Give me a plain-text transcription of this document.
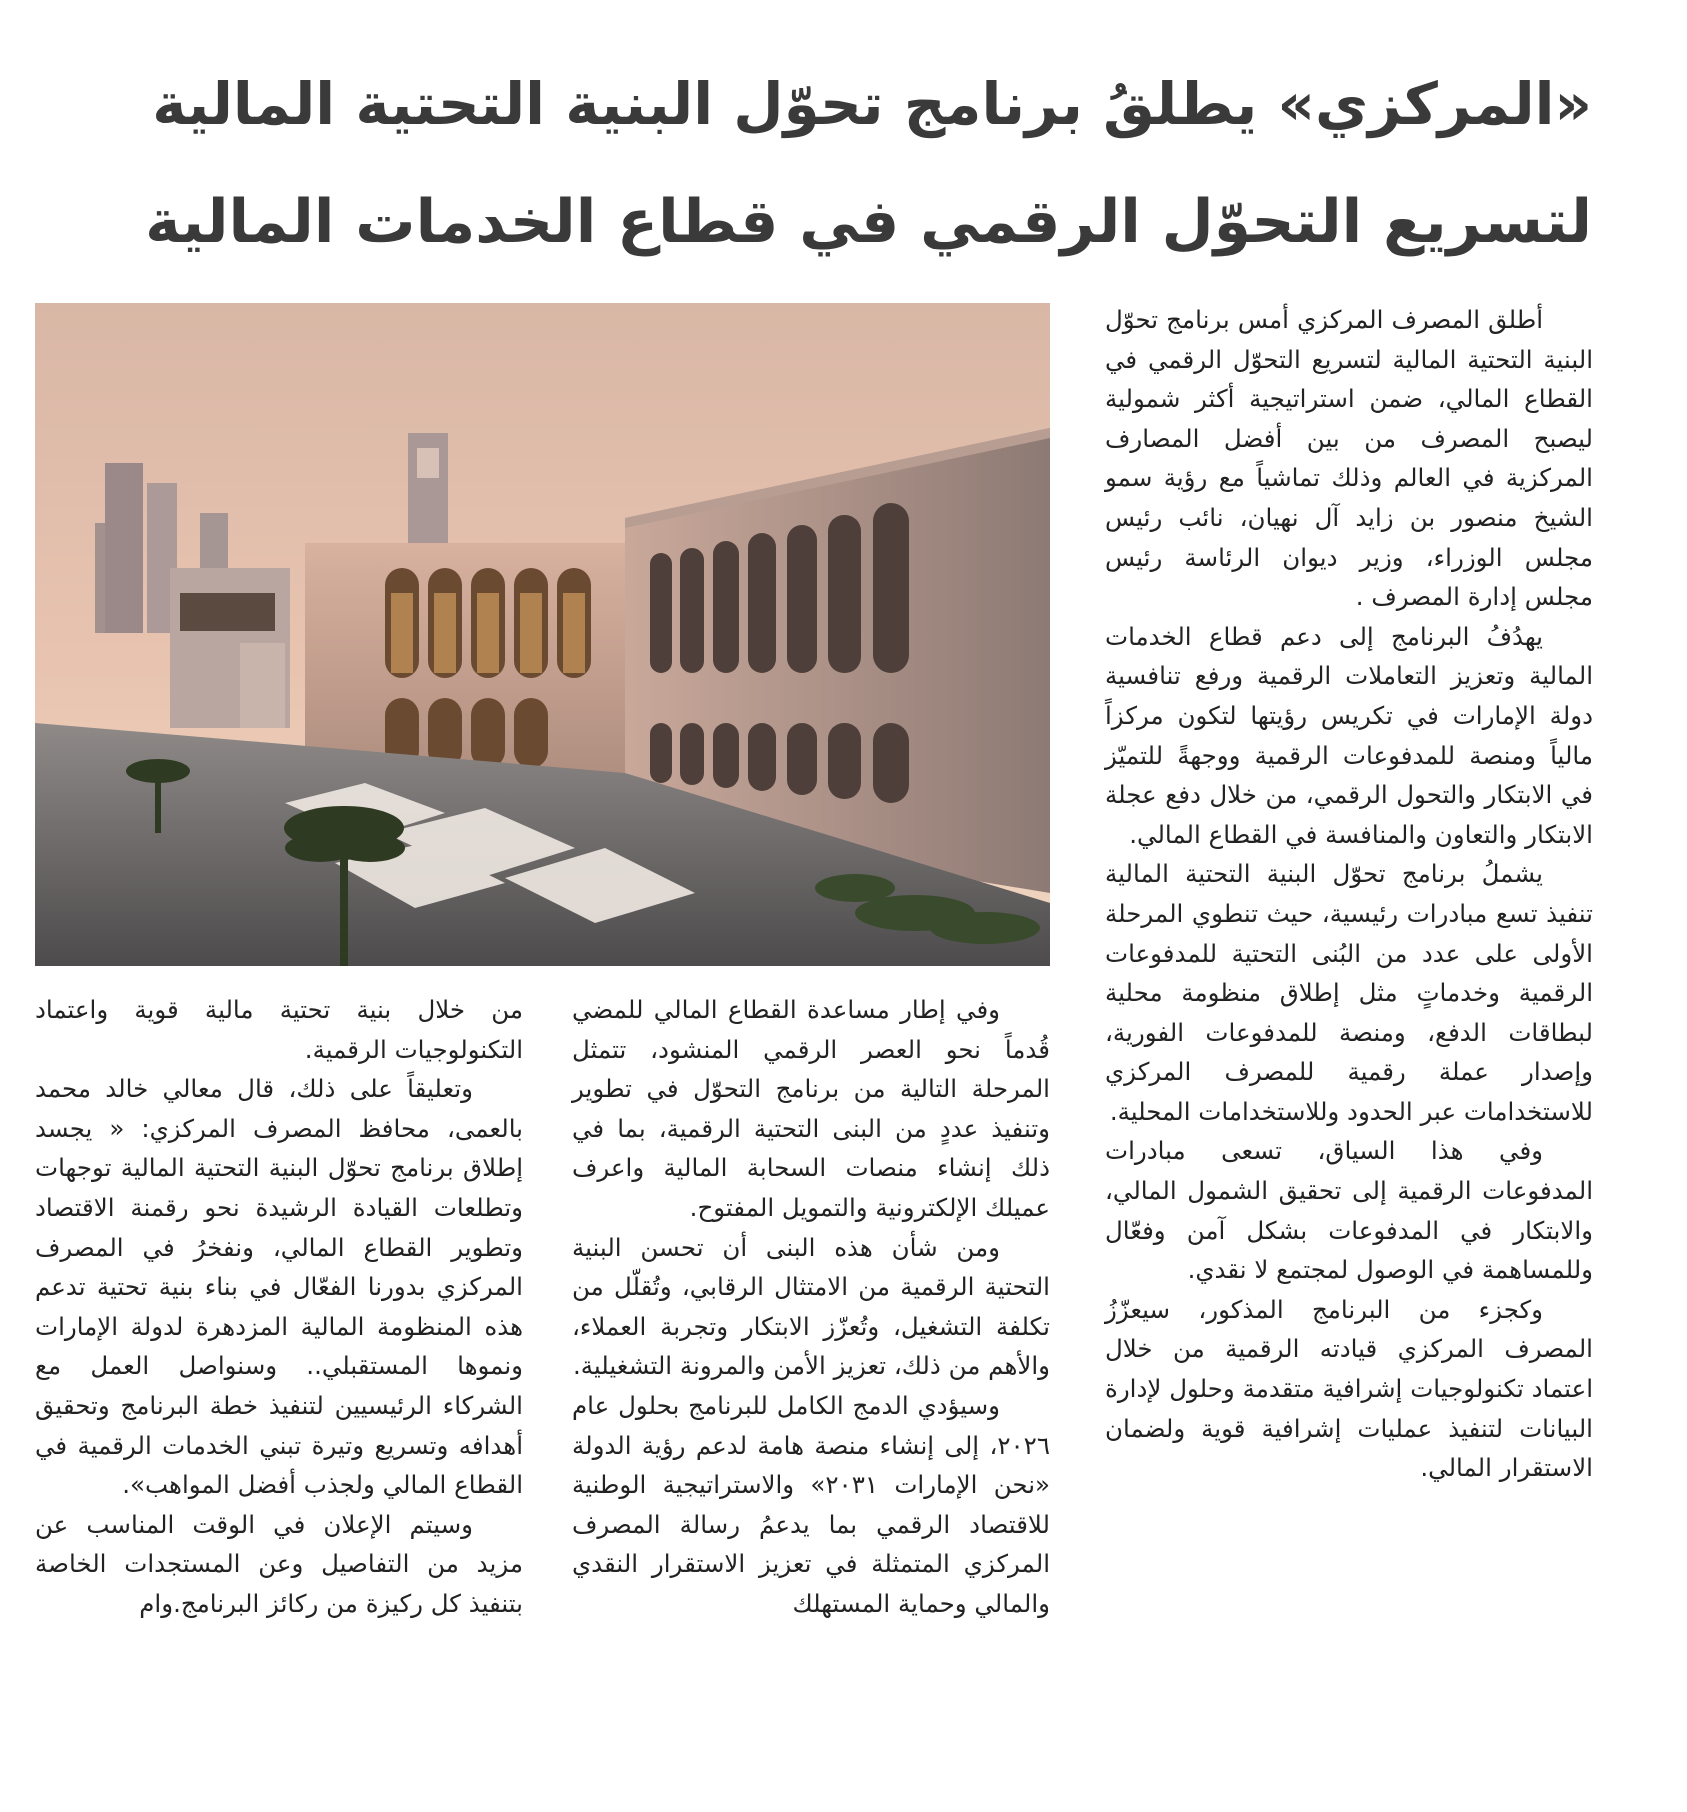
«المركزي» يطلقُ برنامج تحوّل البنية التحتية المالية
لتسريع التحوّل الرقمي في قطاع الخدمات المالية

أطلق المصرف المركزي أمس برنامج تحوّل البنية التحتية المالية لتسريع التحوّل الرقمي في القطاع المالي، ضمن استراتيجية أكثر شمولية ليصبح المصرف من بين أفضل المصارف المركزية في العالم وذلك تماشياً مع رؤية سمو الشيخ منصور بن زايد آل نهيان، نائب رئيس مجلس الوزراء، وزير ديوان الرئاسة رئيس مجلس إدارة المصرف .

يهدُفُ البرنامج إلى دعم قطاع الخدمات المالية وتعزيز التعاملات الرقمية ورفع تنافسية دولة الإمارات في تكريس رؤيتها لتكون مركزاً مالياً ومنصة للمدفوعات الرقمية ووجهةً للتميّز في الابتكار والتحول الرقمي، من خلال دفع عجلة الابتكار والتعاون والمنافسة في القطاع المالي.

يشملُ برنامج تحوّل البنية التحتية المالية تنفيذ تسع مبادرات رئيسية، حيث تنطوي المرحلة الأولى على عدد من البُنى التحتية للمدفوعات الرقمية وخدماتٍ مثل إطلاق منظومة محلية لبطاقات الدفع، ومنصة للمدفوعات الفورية، وإصدار عملة رقمية للمصرف المركزي للاستخدامات عبر الحدود وللاستخدامات المحلية.

وفي هذا السياق، تسعى مبادرات المدفوعات الرقمية إلى تحقيق الشمول المالي، والابتكار في المدفوعات بشكل آمن وفعّال وللمساهمة في الوصول لمجتمع لا نقدي.

وكجزء من البرنامج المذكور، سيعزّزُ المصرف المركزي قيادته الرقمية من خلال اعتماد تكنولوجيات إشرافية متقدمة وحلول لإدارة البيانات لتنفيذ عمليات إشرافية قوية ولضمان الاستقرار المالي.

وفي إطار مساعدة القطاع المالي للمضي قُدماً نحو العصر الرقمي المنشود، تتمثل المرحلة التالية من برنامج التحوّل في تطوير وتنفيذ عددٍ من البنى التحتية الرقمية، بما في ذلك إنشاء منصات السحابة المالية واعرف عميلك الإلكترونية والتمويل المفتوح.

ومن شأن هذه البنى أن تحسن البنية التحتية الرقمية من الامتثال الرقابي، وتُقلّل من تكلفة التشغيل، وتُعزّز الابتكار وتجربة العملاء، والأهم من ذلك، تعزيز الأمن والمرونة التشغيلية.

وسيؤدي الدمج الكامل للبرنامج بحلول عام ٢٠٢٦، إلى إنشاء منصة هامة لدعم رؤية الدولة «نحن الإمارات ٢٠٣١» والاستراتيجية الوطنية للاقتصاد الرقمي بما يدعمُ رسالة المصرف المركزي المتمثلة في تعزيز الاستقرار النقدي والمالي وحماية المستهلك

من خلال بنية تحتية مالية قوية واعتماد التكنولوجيات الرقمية.

وتعليقاً على ذلك، قال معالي خالد محمد بالعمى، محافظ المصرف المركزي: « يجسد إطلاق برنامج تحوّل البنية التحتية المالية توجهات وتطلعات القيادة الرشيدة نحو رقمنة الاقتصاد وتطوير القطاع المالي، ونفخرُ في المصرف المركزي بدورنا الفعّال في بناء بنية تحتية تدعم هذه المنظومة المالية المزدهرة لدولة الإمارات ونموها المستقبلي.. وسنواصل العمل مع الشركاء الرئيسيين لتنفيذ خطة البرنامج وتحقيق أهدافه وتسريع وتيرة تبني الخدمات الرقمية في القطاع المالي ولجذب أفضل المواهب».

وسيتم الإعلان في الوقت المناسب عن مزيد من التفاصيل وعن المستجدات الخاصة بتنفيذ كل ركيزة من ركائز البرنامج.وام
